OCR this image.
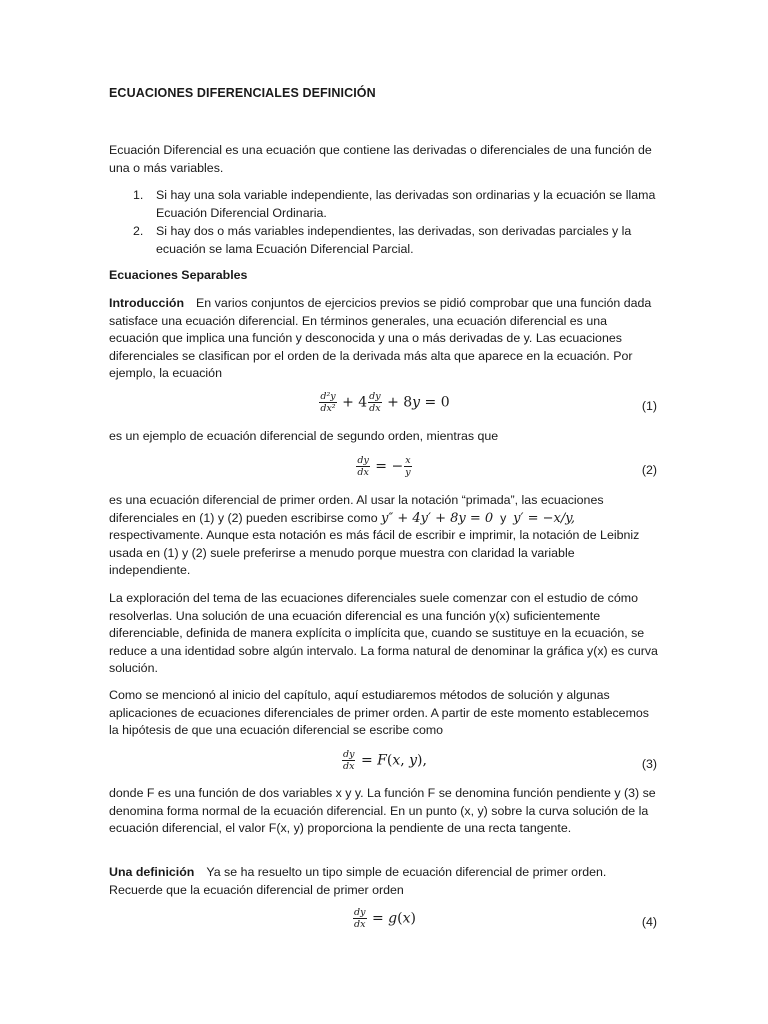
ECUACIONES DIFERENCIALES DEFINICIÓN

Ecuación Diferencial es una ecuación que contiene las derivadas o diferenciales de una función de una o más variables.

1. Si hay una sola variable independiente, las derivadas son ordinarias y la ecuación se llama Ecuación Diferencial Ordinaria.
2. Si hay dos o más variables independientes, las derivadas, son derivadas parciales y la ecuación se lama Ecuación Diferencial Parcial.
Ecuaciones Separables

Introducción En varios conjuntos de ejercicios previos se pidió comprobar que una función dada satisface una ecuación diferencial. En términos generales, una ecuación diferencial es una ecuación que implica una función y desconocida y una o más derivadas de y. Las ecuaciones diferenciales se clasifican por el orden de la derivada más alta que aparece en la ecuación. Por ejemplo, la ecuación

$\frac{\text{d²y}}{\text{dx²}} + 4 \frac{dy}{dx} + 8y = 0$	(1)

es un ejemplo de ecuación diferencial de segundo orden, mientras que

$\frac{dy}{dx}$ = − $\frac{x}{y}$	(2)

es una ecuación diferencial de primer orden. Al usar la notación “primada”, las ecuaciones diferenciales en (1) y (2) pueden escribirse como y″ + 4y′ + 8y = 0 y y′ = −x/y, respectivamente. Aunque esta notación es más fácil de escribir e imprimir, la notación de Leibniz usada en (1) y (2) suele preferirse a menudo porque muestra con claridad la variable independiente.

La exploración del tema de las ecuaciones diferenciales suele comenzar con el estudio de cómo resolverlas. Una solución de una ecuación diferencial es una función y(x) suficientemente diferenciable, definida de manera explícita o implícita que, cuando se sustituye en la ecuación, se reduce a una identidad sobre algún intervalo. La forma natural de denominar la gráfica y(x) es curva solución.

Como se mencionó al inicio del capítulo, aquí estudiaremos métodos de solución y algunas aplicaciones de ecuaciones diferenciales de primer orden. A partir de este momento establecemos la hipótesis de que una ecuación diferencial se escribe como

$\frac{dy}{dx} = F(x$, y),	(3)

donde F es una función de dos variables x y y. La función F se denomina función pendiente y (3) se denomina forma normal de la ecuación diferencial. En un punto (x, y) sobre la curva solución de la ecuación diferencial, el valor F(x, y) proporciona la pendiente de una recta tangente.

Una definición Ya se ha resuelto un tipo simple de ecuación diferencial de primer orden. Recuerde que la ecuación diferencial de primer orden

$\frac{dy}{dx} = g(x)$	(4)
